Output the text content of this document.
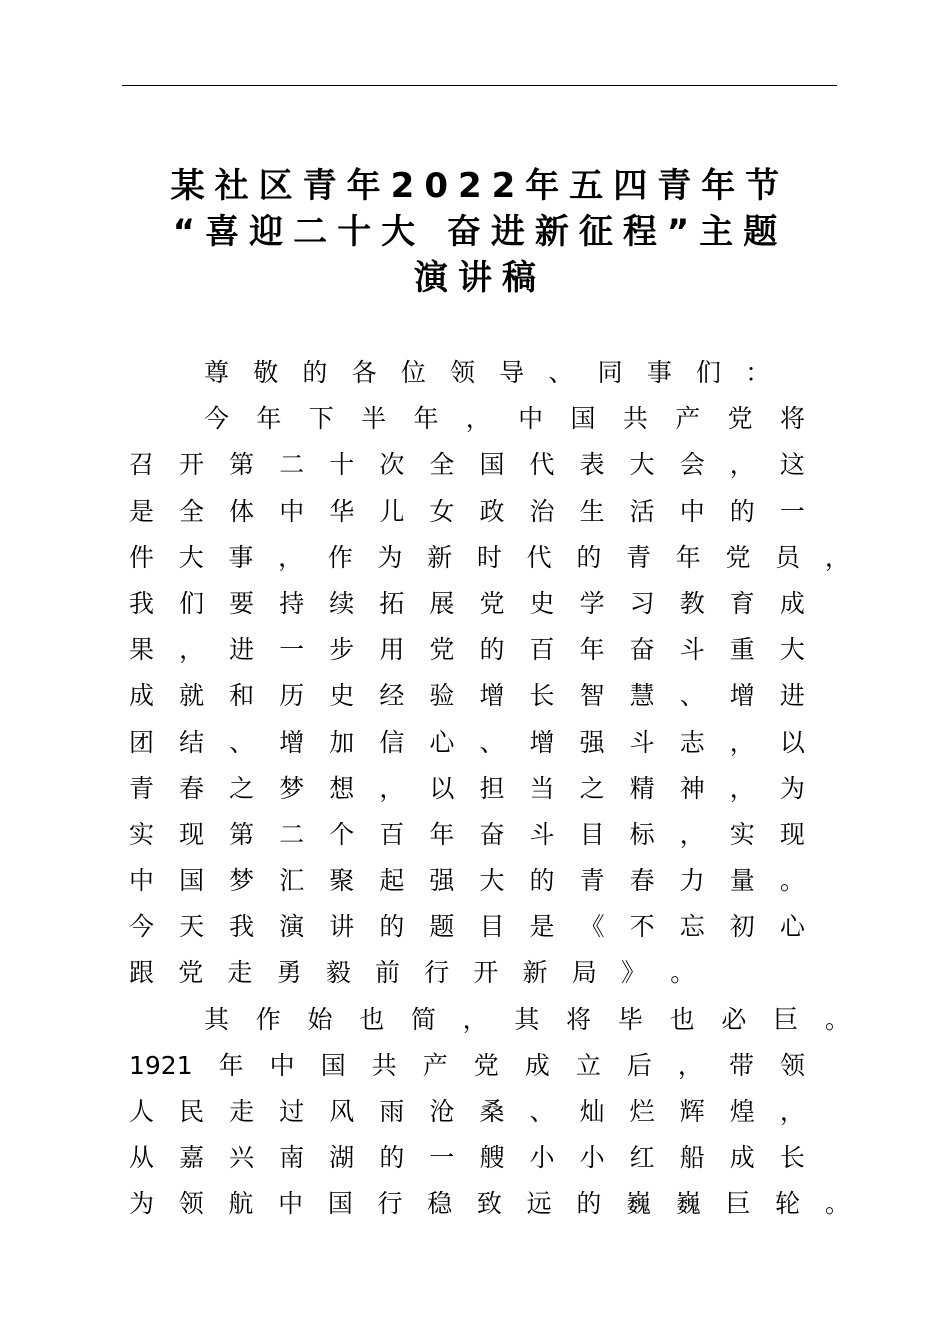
某社区青年2022年五四青年节
“喜迎二十大 奋进新征程”主题
演讲稿
尊 敬 的 各 位 领 导 、 同 事 们 ：
今 年 下 半 年 ， 中 国 共 产 党 将
召 开 第 二 十 次 全 国 代 表 大 会 ， 这
是 全 体 中 华 儿 女 政 治 生 活 中 的 一
件 大 事 ， 作 为 新 时 代 的 青 年 党 员 ，
我 们 要 持 续 拓 展 党 史 学 习 教 育 成
果 ， 进 一 步 用 党 的 百 年 奋 斗 重 大
成 就 和 历 史 经 验 增 长 智 慧 、 增 进
团 结 、 增 加 信 心 、 增 强 斗 志 ， 以
青 春 之 梦 想 ， 以 担 当 之 精 神 ， 为
实 现 第 二 个 百 年 奋 斗 目 标 ， 实 现
中 国 梦 汇 聚 起 强 大 的 青 春 力 量 。
今 天 我 演 讲 的 题 目 是 《 不 忘 初 心
跟 党 走 勇 毅 前 行 开 新 局 》 。
其 作 始 也 简 ， 其 将 毕 也 必 巨 。
1921 年 中 国 共 产 党 成 立 后 ， 带 领
人 民 走 过 风 雨 沧 桑 、 灿 烂 辉 煌 ，
从 嘉 兴 南 湖 的 一 艘 小 小 红 船 成 长
为 领 航 中 国 行 稳 致 远 的 巍 巍 巨 轮 。
